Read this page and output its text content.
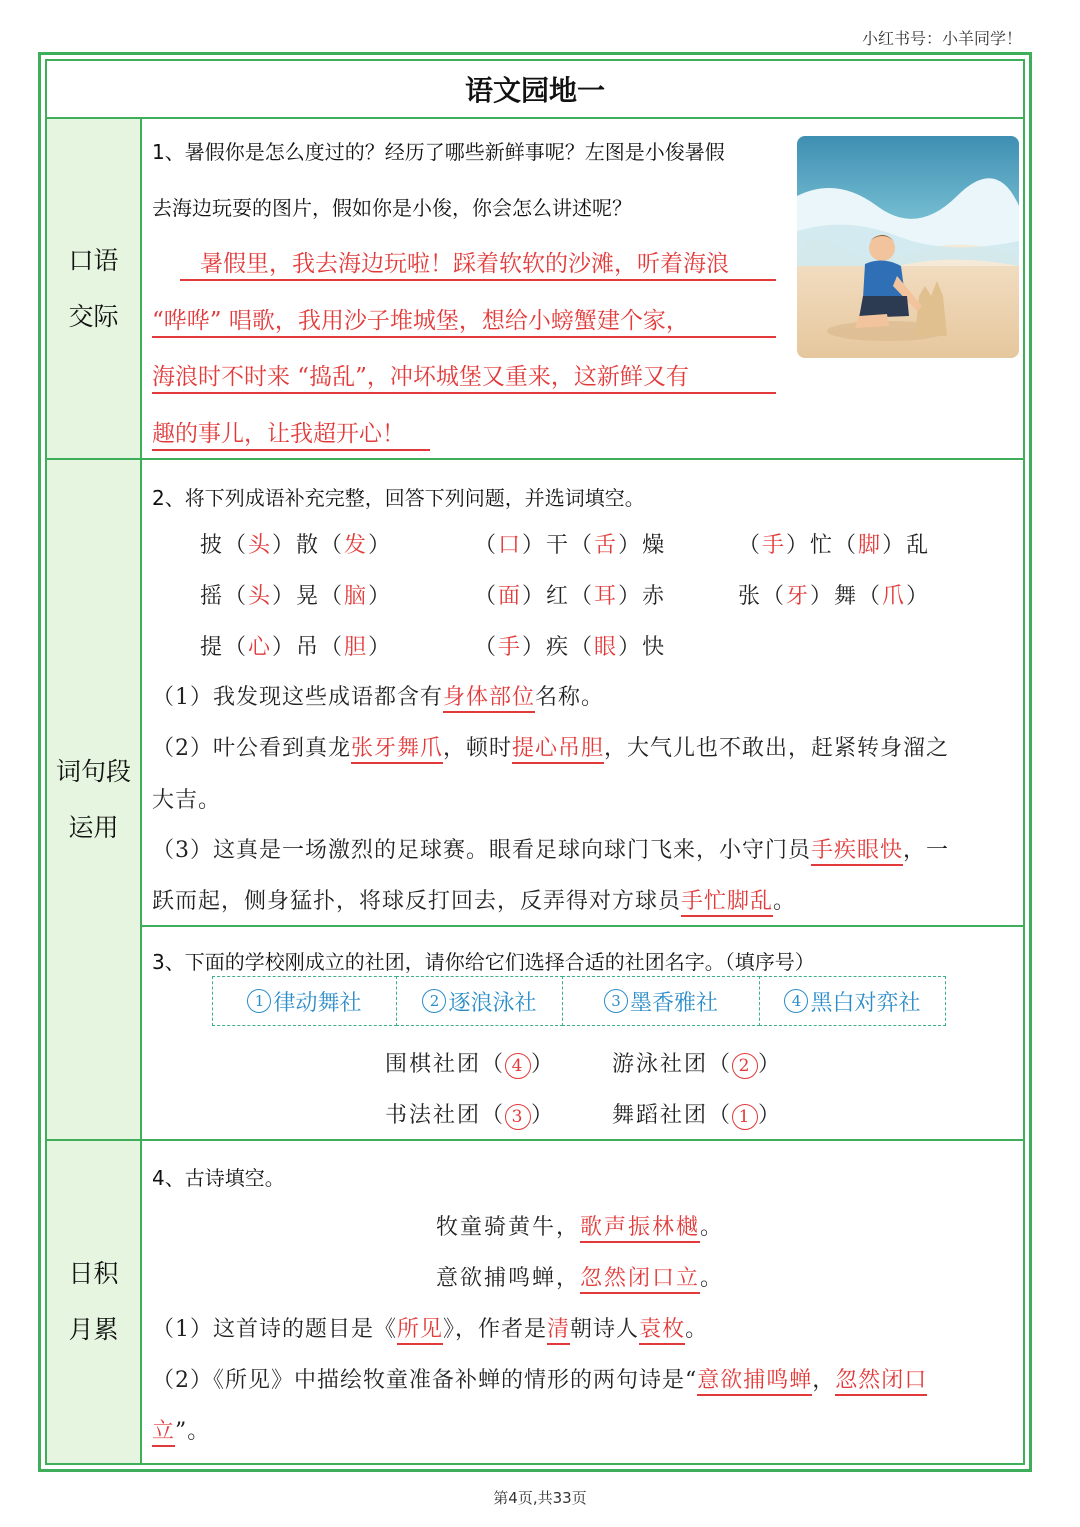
小红书号：小羊同学！
语文园地一
口语
交际
词句段
运用
日积
月累
1、暑假你是怎么度过的？经历了哪些新鲜事呢？左图是小俊暑假
去海边玩耍的图片，假如你是小俊，你会怎么讲述呢？
暑假里，我去海边玩啦！踩着软软的沙滩，听着海浪
“哗哗” 唱歌，我用沙子堆城堡，想给小螃蟹建个家，
海浪时不时来 “捣乱”，冲坏城堡又重来，这新鲜又有
趣的事儿，让我超开心！
2、将下列成语补充完整，回答下列问题，并选词填空。
披（头）散（发）	（口）干（舌）燥	（手）忙（脚）乱
摇（头）晃（脑）	（面）红（耳）赤	张（牙）舞（爪）
提（心）吊（胆）	（手）疾（眼）快
（1）我发现这些成语都含有身体部位名称。
（2）叶公看到真龙张牙舞爪，顿时提心吊胆，大气儿也不敢出，赶紧转身溜之
大吉。
（3）这真是一场激烈的足球赛。眼看足球向球门飞来，小守门员手疾眼快，一
跃而起，侧身猛扑，将球反打回去，反弄得对方球员手忙脚乱。
3、下面的学校刚成立的社团，请你给它们选择合适的社团名字。（填序号）
1 律动舞社	2 逐浪泳社	3 墨香雅社	4 黑白对弈社
围棋社团（ 4 ）	游泳社团（ 2 ）
书法社团（ 3 ）	舞蹈社团（ 1 ）
4、古诗填空。
牧童骑黄牛，歌声振林樾。
意欲捕鸣蝉，忽然闭口立。
（1）这首诗的题目是《所见》，作者是清朝诗人袁枚。
（2）《所见》中描绘牧童准备补蝉的情形的两句诗是“意欲捕鸣蝉，忽然闭口
立”。
第4页,共33页
